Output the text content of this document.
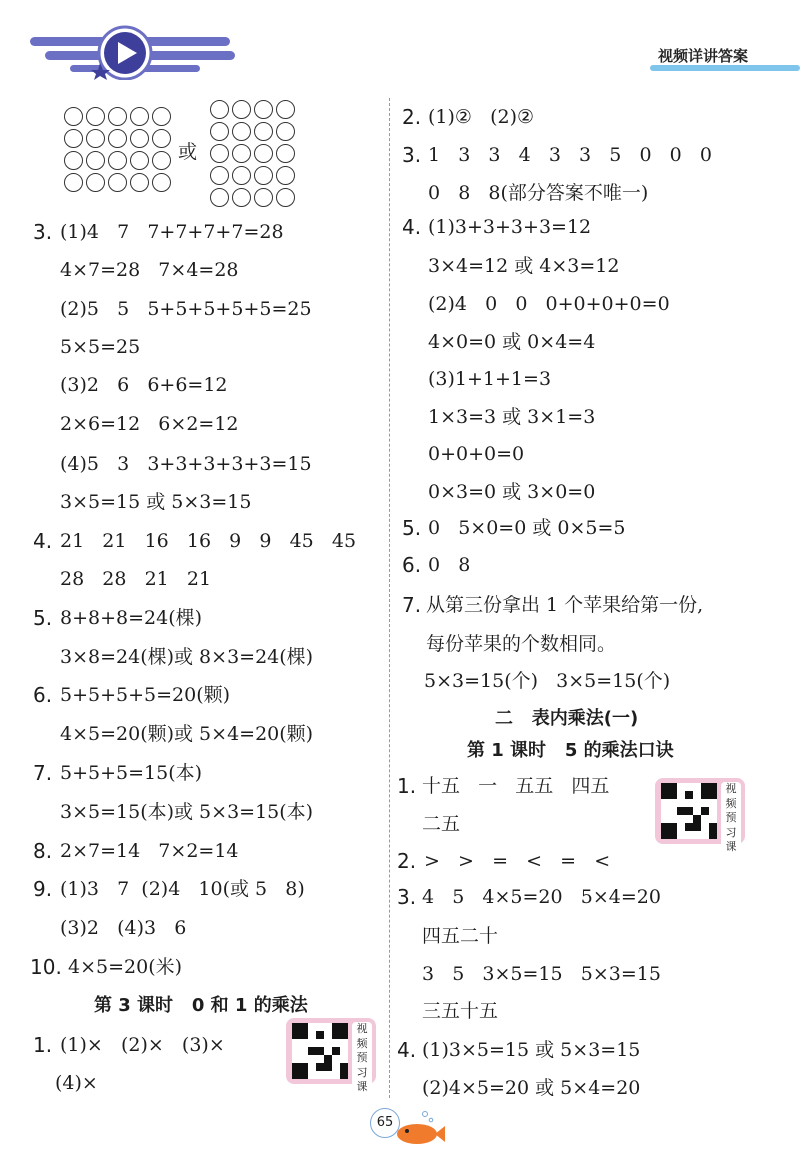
视频详讲答案
或
3. (1)4   7   7+7+7+7=28
4×7=28   7×4=28
(2)5   5   5+5+5+5+5=25
5×5=25
(3)2   6   6+6=12
2×6=12   6×2=12
(4)5   3   3+3+3+3+3=15
3×5=15 或 5×3=15
4. 21   21   16   16   9   9   45   45
28   28   21   21
5. 8+8+8=24(棵)
3×8=24(棵)或 8×3=24(棵)
6. 5+5+5+5=20(颗)
4×5=20(颗)或 5×4=20(颗)
7. 5+5+5=15(本)
3×5=15(本)或 5×3=15(本)
8. 2×7=14   7×2=14
9. (1)3   7  (2)4   10(或 5   8)
(3)2   (4)3   6
10. 4×5=20(米)
第 3 课时   0 和 1 的乘法
1. (1)×   (2)×   (3)×
(4)×
视
频
预
习
课
2. (1)②   (2)②
3. 1   3   3   4   3   3   5   0   0   0
0   8   8(部分答案不唯一)
4. (1)3+3+3+3=12
3×4=12 或 4×3=12
(2)4   0   0   0+0+0+0=0
4×0=0 或 0×4=4
(3)1+1+1=3
1×3=3 或 3×1=3
0+0+0=0
0×3=0 或 3×0=0
5. 0   5×0=0 或 0×5=5
6. 0   8
7. 从第三份拿出 1 个苹果给第一份,
每份苹果的个数相同。
5×3=15(个)   3×5=15(个)
二   表内乘法(一)
第 1 课时   5 的乘法口诀
1. 十五   一   五五   四五
二五
视
频
预
习
课
2. >   >   =   <   =   <
3. 4   5   4×5=20   5×4=20
四五二十
3   5   3×5=15   5×3=15
三五十五
4. (1)3×5=15 或 5×3=15
(2)4×5=20 或 5×4=20
65
